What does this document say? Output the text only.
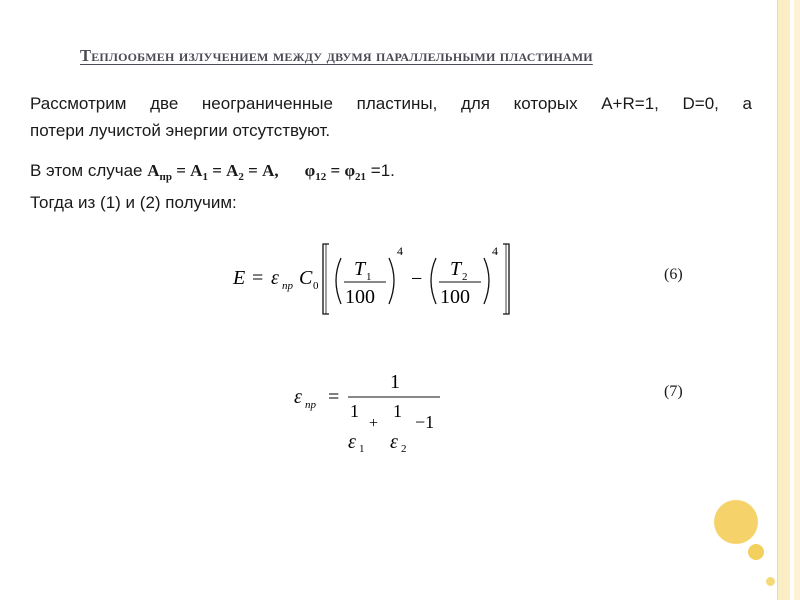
Теплообмен излучением между двумя параллельными пластинами
Рассмотрим две неограниченные пластины, для которых А+R=1, D=0, а
потери лучистой энергии отсутствуют.
В этом случае $А_{пр} = А_1 = А_2 = А$, $\varphi_{12} = \varphi_{21} =1$.
Тогда из (1) и (2) получим:
E = ε пр C 0
T 1
100
4
− T 2
100
4
(6)
ε пр =
1
1
+
1
−1
ε 1 ε 2
(7)
